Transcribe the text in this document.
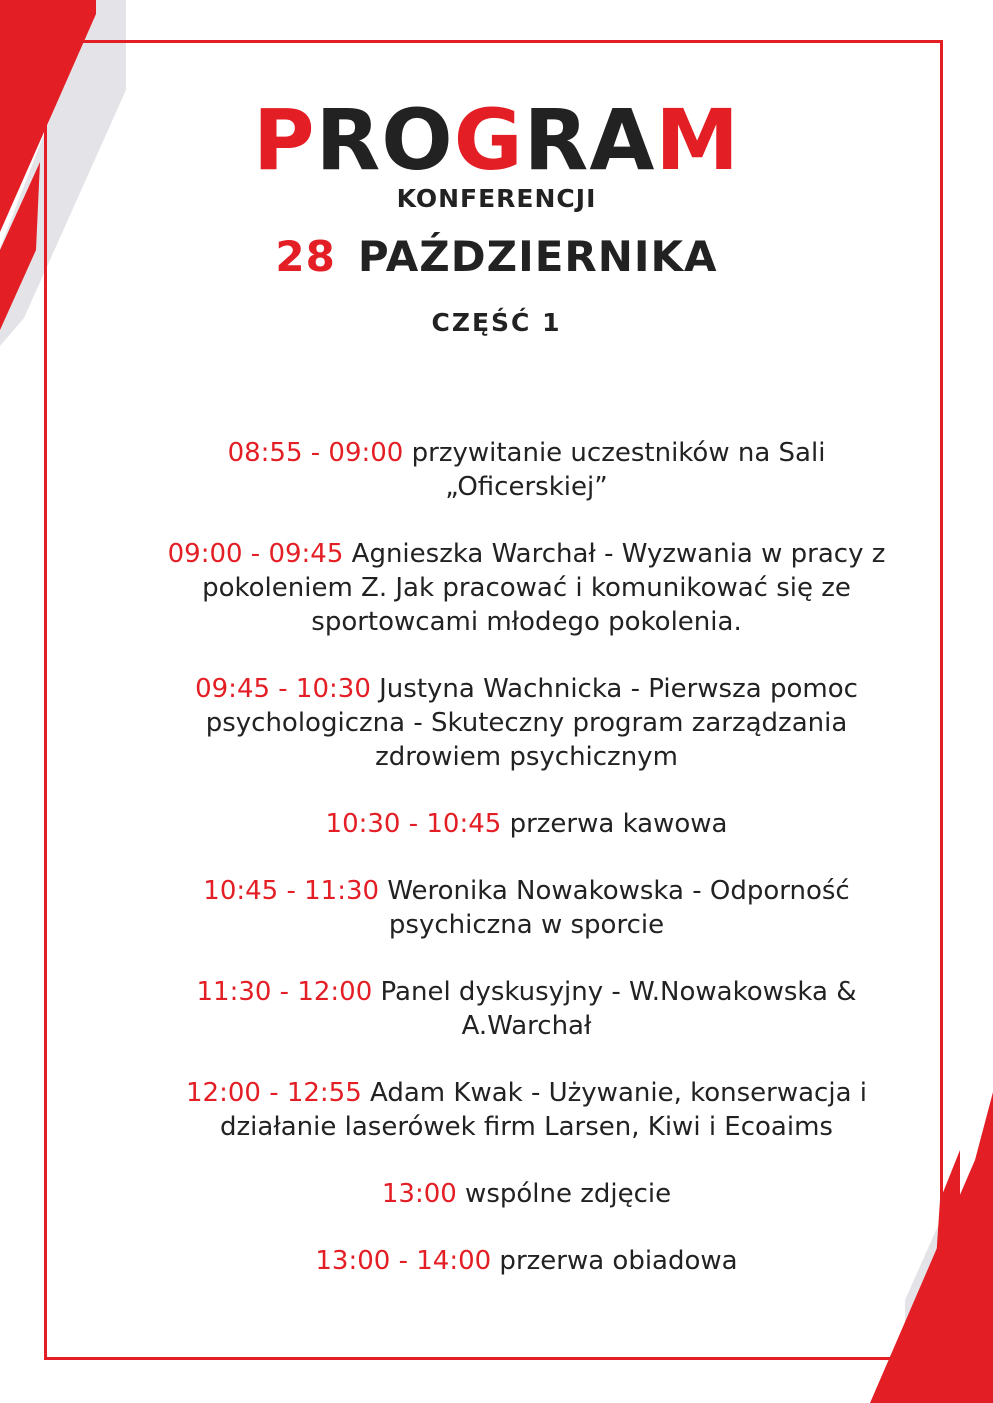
PROGRAM
KONFERENCJI
28 PAŹDZIERNIKA
CZĘŚĆ 1
08:55 - 09:00 przywitanie uczestników na Sali „Oficerskiej”
09:00 - 09:45 Agnieszka Warchał - Wyzwania w pracy z pokoleniem Z. Jak pracować i komunikować się ze sportowcami młodego pokolenia.
09:45 - 10:30 Justyna Wachnicka - Pierwsza pomoc psychologiczna - Skuteczny program zarządzania zdrowiem psychicznym
10:30 - 10:45 przerwa kawowa
10:45 - 11:30 Weronika Nowakowska - Odporność psychiczna w sporcie
11:30 - 12:00 Panel dyskusyjny - W.Nowakowska & A.Warchał
12:00 - 12:55 Adam Kwak - Używanie, konserwacja i działanie laserówek firm Larsen, Kiwi i Ecoaims
13:00 wspólne zdjęcie
13:00 - 14:00 przerwa obiadowa
